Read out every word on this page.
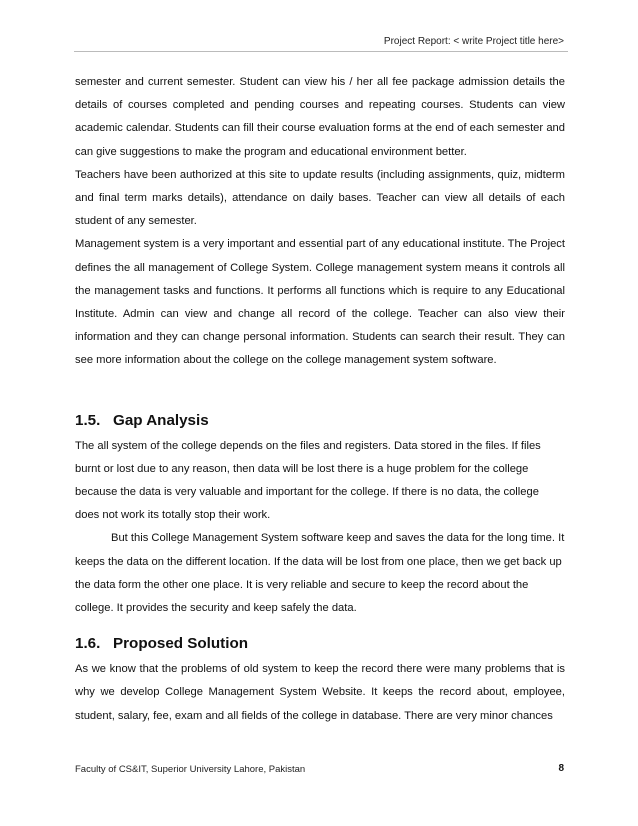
Project Report: < write Project title here>

semester and current semester. Student can view his / her all fee package admission details the details of courses completed and pending courses and repeating courses. Students can view academic calendar. Students can fill their course evaluation forms at the end of each semester and can give suggestions to make the program and educational environment better.

Teachers have been authorized at this site to update results (including assignments, quiz, midterm and final term marks details), attendance on daily bases. Teacher can view all details of each student of any semester.

Management system is a very important and essential part of any educational institute. The Project defines the all management of College System. College management system means it controls all the management tasks and functions. It performs all functions which is require to any Educational Institute. Admin can view and change all record of the college. Teacher can also view their information and they can change personal information. Students can search their result. They can see more information about the college on the college management system software.

1.5. Gap Analysis

The all system of the college depends on the files and registers. Data stored in the files. If files burnt or lost due to any reason, then data will be lost there is a huge problem for the college because the data is very valuable and important for the college. If there is no data, the college does not work its totally stop their work.

But this College Management System software keep and saves the data for the long time. It keeps the data on the different location. If the data will be lost from one place, then we get back up the data form the other one place. It is very reliable and secure to keep the record about the college. It provides the security and keep safely the data.

1.6. Proposed Solution

As we know that the problems of old system to keep the record there were many problems that is why we develop College Management System Website. It keeps the record about, employee, student, salary, fee, exam and all fields of the college in database. There are very minor chances

Faculty of CS&IT, Superior University Lahore, Pakistan	8
